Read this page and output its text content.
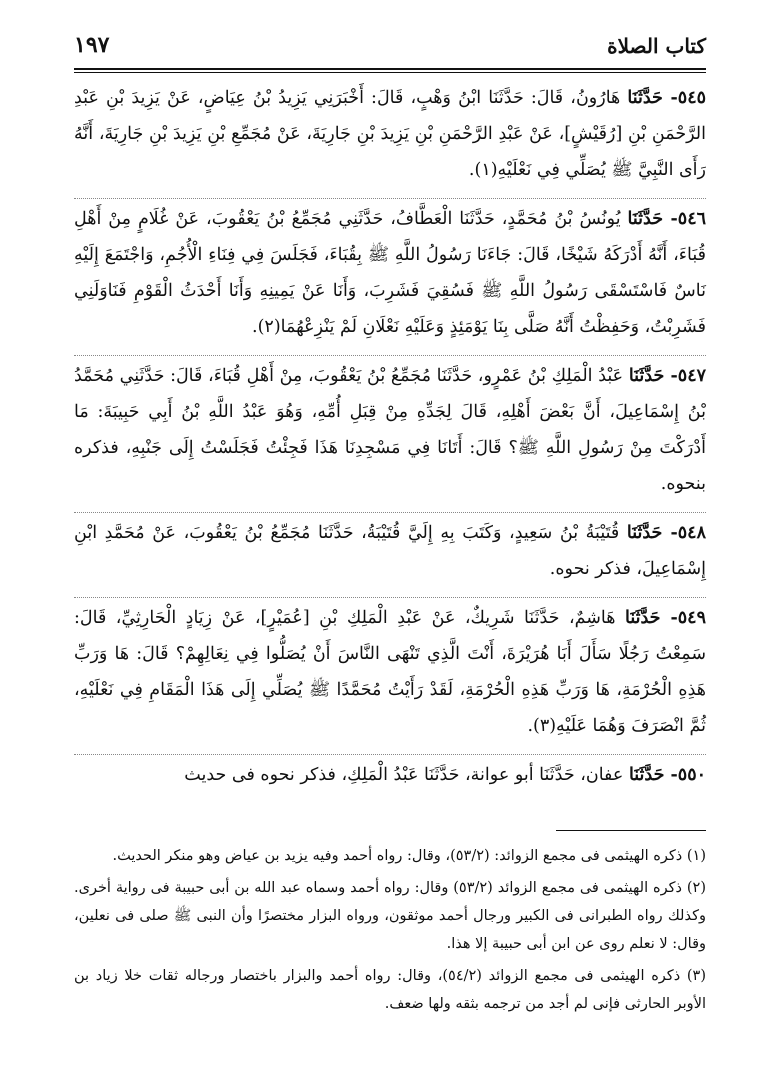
كتاب الصلاة
١٩٧

٥٤٥- حَدَّثَنَا هَارُونُ، قَالَ: حَدَّثَنَا ابْنُ وَهْبٍ، قَالَ: أَخْبَرَنِي يَزِيدُ بْنُ عِيَاضٍ، عَنْ يَزِيدَ بْنِ عَبْدِ الرَّحْمَنِ بْنِ [رُقَيْشٍ]، عَنْ عَبْدِ الرَّحْمَنِ بْنِ يَزِيدَ بْنِ جَارِيَةَ، عَنْ مُجَمِّعِ بْنِ يَزِيدَ بْنِ جَارِيَةَ، أَنَّهُ رَأَى النَّبِيَّ ﷺ يُصَلِّي فِي نَعْلَيْهِ(١).

٥٤٦- حَدَّثَنَا يُونُسُ بْنُ مُحَمَّدٍ، حَدَّثَنَا الْعَطَّافُ، حَدَّثَنِي مُجَمِّعُ بْنُ يَعْقُوبَ، عَنْ غُلَامٍ مِنْ أَهْلِ قُبَاءَ، أَنَّهُ أَدْرَكَهُ شَيْخًا، قَالَ: جَاءَنَا رَسُولُ اللَّهِ ﷺ بِقُبَاءَ، فَجَلَسَ فِي فِنَاءِ الْأُجُمِ، وَاجْتَمَعَ إِلَيْهِ نَاسٌ فَاسْتَسْقَى رَسُولُ اللَّهِ ﷺ فَسُقِيَ فَشَرِبَ، وَأَنَا عَنْ يَمِينِهِ وَأَنَا أَحْدَثُ الْقَوْمِ فَنَاوَلَنِي فَشَرِبْتُ، وَحَفِظْتُ أَنَّهُ صَلَّى بِنَا يَوْمَئِذٍ وَعَلَيْهِ نَعْلَانِ لَمْ يَنْزِعْهُمَا(٢).

٥٤٧- حَدَّثَنَا عَبْدُ الْمَلِكِ بْنُ عَمْرٍو، حَدَّثَنَا مُجَمِّعُ بْنُ يَعْقُوبَ، مِنْ أَهْلِ قُبَاءَ، قَالَ: حَدَّثَنِي مُحَمَّدُ بْنُ إِسْمَاعِيلَ، أَنَّ بَعْضَ أَهْلِهِ، قَالَ لِجَدِّهِ مِنْ قِبَلِ أُمِّهِ، وَهُوَ عَبْدُ اللَّهِ بْنُ أَبِي حَبِيبَةَ: مَا أَدْرَكْتَ مِنْ رَسُولِ اللَّهِ ﷺ؟ قَالَ: أَتَانَا فِي مَسْجِدِنَا هَذَا فَجِئْتُ فَجَلَسْتُ إِلَى جَنْبِهِ، فذكره بنحوه.

٥٤٨- حَدَّثَنَا قُتَيْبَةُ بْنُ سَعِيدٍ، وَكَتَبَ بِهِ إِلَيَّ قُتَيْبَةُ، حَدَّثَنَا مُجَمِّعُ بْنُ يَعْقُوبَ، عَنْ مُحَمَّدِ ابْنِ إِسْمَاعِيلَ، فذكر نحوه.

٥٤٩- حَدَّثَنَا هَاشِمٌ، حَدَّثَنَا شَرِيكٌ، عَنْ عَبْدِ الْمَلِكِ بْنِ [عُمَيْرٍ]، عَنْ زِيَادٍ الْحَارِثِيِّ، قَالَ: سَمِعْتُ رَجُلًا سَأَلَ أَبَا هُرَيْرَةَ، أَنْتَ الَّذِي تَنْهَى النَّاسَ أَنْ يُصَلُّوا فِي نِعَالِهِمْ؟ قَالَ: هَا وَرَبِّ هَذِهِ الْحُرْمَةِ، هَا وَرَبِّ هَذِهِ الْحُرْمَةِ، لَقَدْ رَأَيْتُ مُحَمَّدًا ﷺ يُصَلِّي إِلَى هَذَا الْمَقَامِ فِي نَعْلَيْهِ، ثُمَّ انْصَرَفَ وَهُمَا عَلَيْهِ(٣).

٥٥٠- حَدَّثَنَا عفان، حَدَّثَنَا أبو عوانة، حَدَّثَنَا عَبْدُ الْمَلِكِ، فذكر نحوه فى حديث

(١) ذكره الهيثمى فى مجمع الزوائد: (٥٣/٢)، وقال: رواه أحمد وفيه يزيد بن عياض وهو منكر الحديث.

(٢) ذكره الهيثمى فى مجمع الزوائد (٥٣/٢) وقال: رواه أحمد وسماه عبد الله بن أبى حبيبة فى رواية أخرى. وكذلك رواه الطبرانى فى الكبير ورجال أحمد موثقون، ورواه البزار مختصرًا وأن النبى ﷺ صلى فى نعلين، وقال: لا نعلم روى عن ابن أبى حبيبة إلا هذا.

(٣) ذكره الهيثمى فى مجمع الزوائد (٥٤/٢)، وقال: رواه أحمد والبزار باختصار ورجاله ثقات خلا زياد بن الأوبر الحارثى فإنى لم أجد من ترجمه بثقه ولها ضعف.
